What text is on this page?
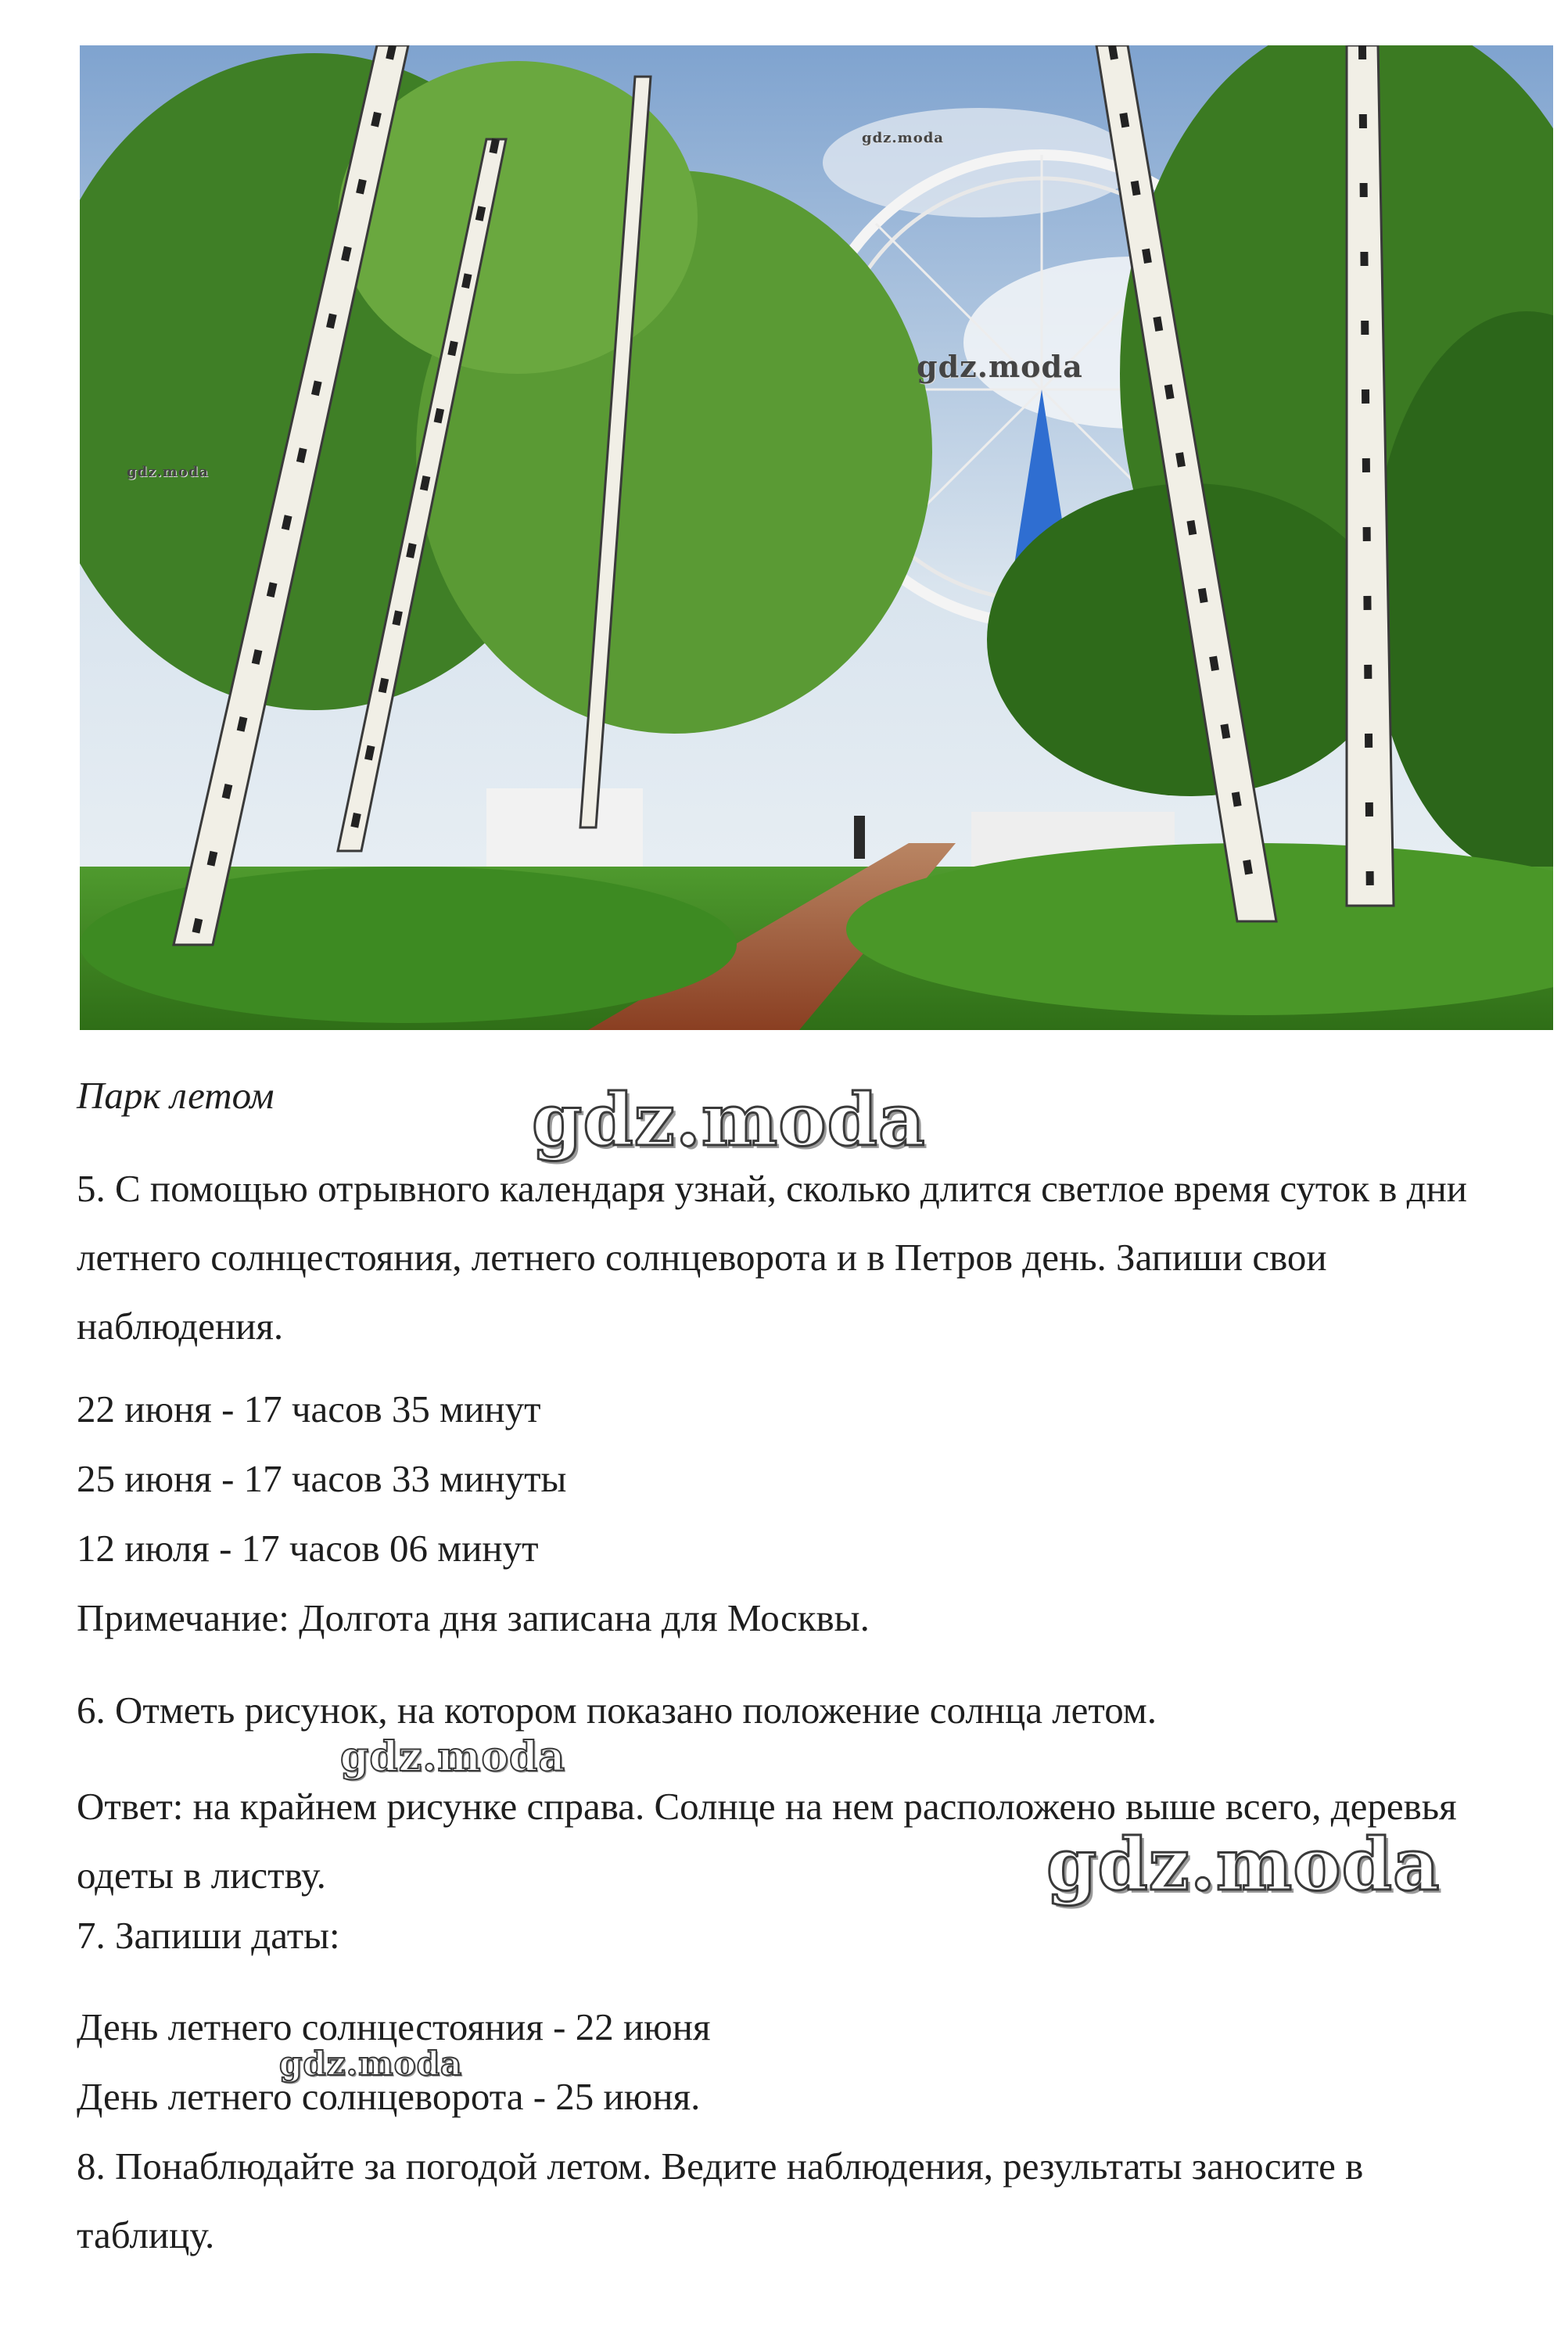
gdz.moda
gdz.moda
gdz.moda
Парк летом	gdz.moda
5. С помощью отрывного календаря узнай, сколько длится светлое время суток в дни летнего солнцестояния, летнего солнцеворота и в Петров день. Запиши свои наблюдения.
22 июня - 17 часов 35 минут
25 июня - 17 часов 33 минуты
12 июля - 17 часов 06 минут
Примечание: Долгота дня записана для Москвы.
6. Отметь рисунок, на котором показано положение солнца летом.
gdz.moda
Ответ: на крайнем рисунке справа. Солнце на нем расположено выше всего, деревья одеты в листву.	gdz.moda
7. Запиши даты:
День летнего солнцестояния - 22 июня
gdz.moda
День летнего солнцеворота - 25 июня.
8. Понаблюдайте за погодой летом. Ведите наблюдения, результаты заносите в таблицу.
